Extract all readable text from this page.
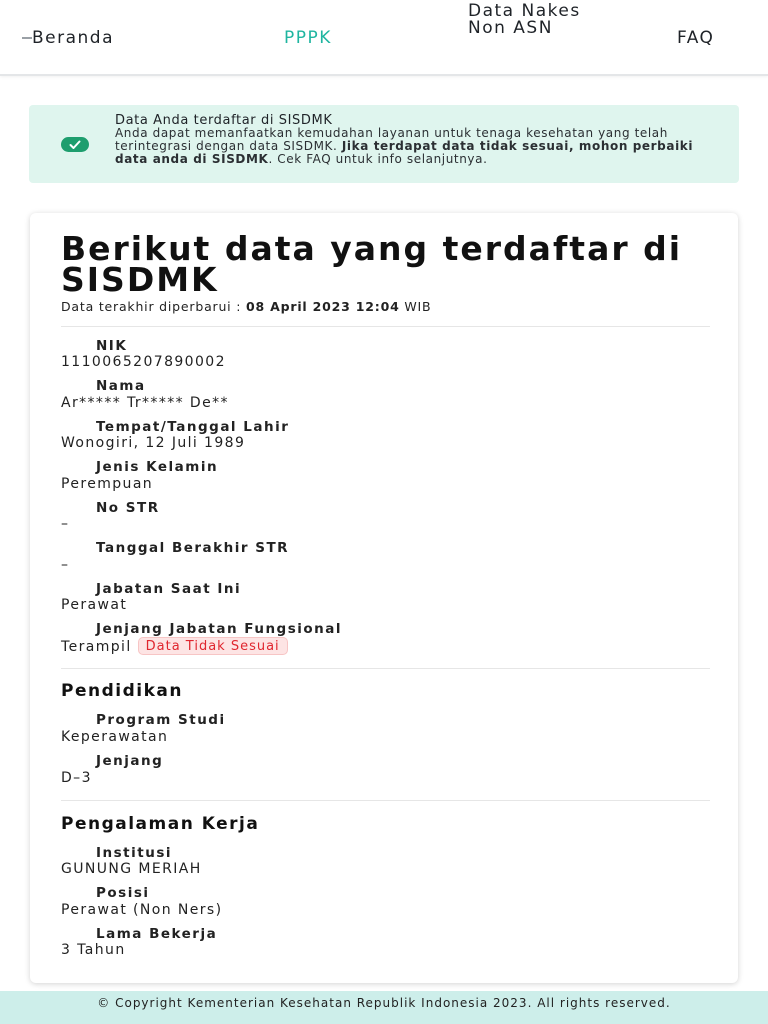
Beranda	PPPK
Data Nakes Non ASN	FAQ
Data Anda terdaftar di SISDMK
Anda dapat memanfaatkan kemudahan layanan untuk tenaga kesehatan yang telah terintegrasi dengan data SISDMK. Jika terdapat data tidak sesuai, mohon perbaiki data anda di SISDMK. Cek FAQ untuk info selanjutnya.
Berikut data yang terdaftar di SISDMK
Data terakhir diperbarui : 08 April 2023 12:04 WIB
NIK
1110065207890002
Nama
Ar***** Tr***** De**
Tempat/Tanggal Lahir
Wonogiri, 12 Juli 1989
Jenis Kelamin
Perempuan
No STR
–
Tanggal Berakhir STR
–
Jabatan Saat Ini
Perawat
Jenjang Jabatan Fungsional
Terampil Data Tidak Sesuai
Pendidikan
Program Studi
Keperawatan
Jenjang
D–3
Pengalaman Kerja
Institusi
GUNUNG MERIAH
Posisi
Perawat (Non Ners)
Lama Bekerja
3 Tahun
© Copyright Kementerian Kesehatan Republik Indonesia 2023. All rights reserved.
